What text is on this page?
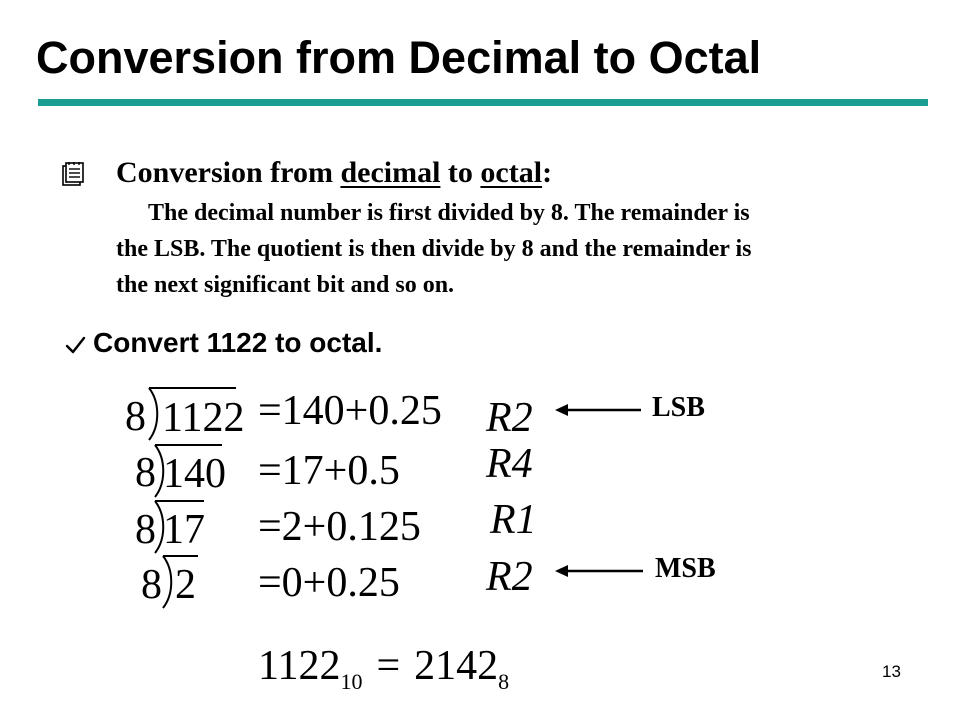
Conversion from Decimal to Octal
Conversion from decimal to octal:
The decimal number is first divided by 8. The remainder is
the LSB. The quotient is then divide by 8 and the remainder is
the next significant bit and so on.
Convert 1122 to octal.
8 1122 =140+0.25 R2
8 140 =17+0.5 R4
8 17 =2+0.125 R1
8 2 =0+0.25 R2
LSB
MSB
$1122_{10} = 2142_8$	13
